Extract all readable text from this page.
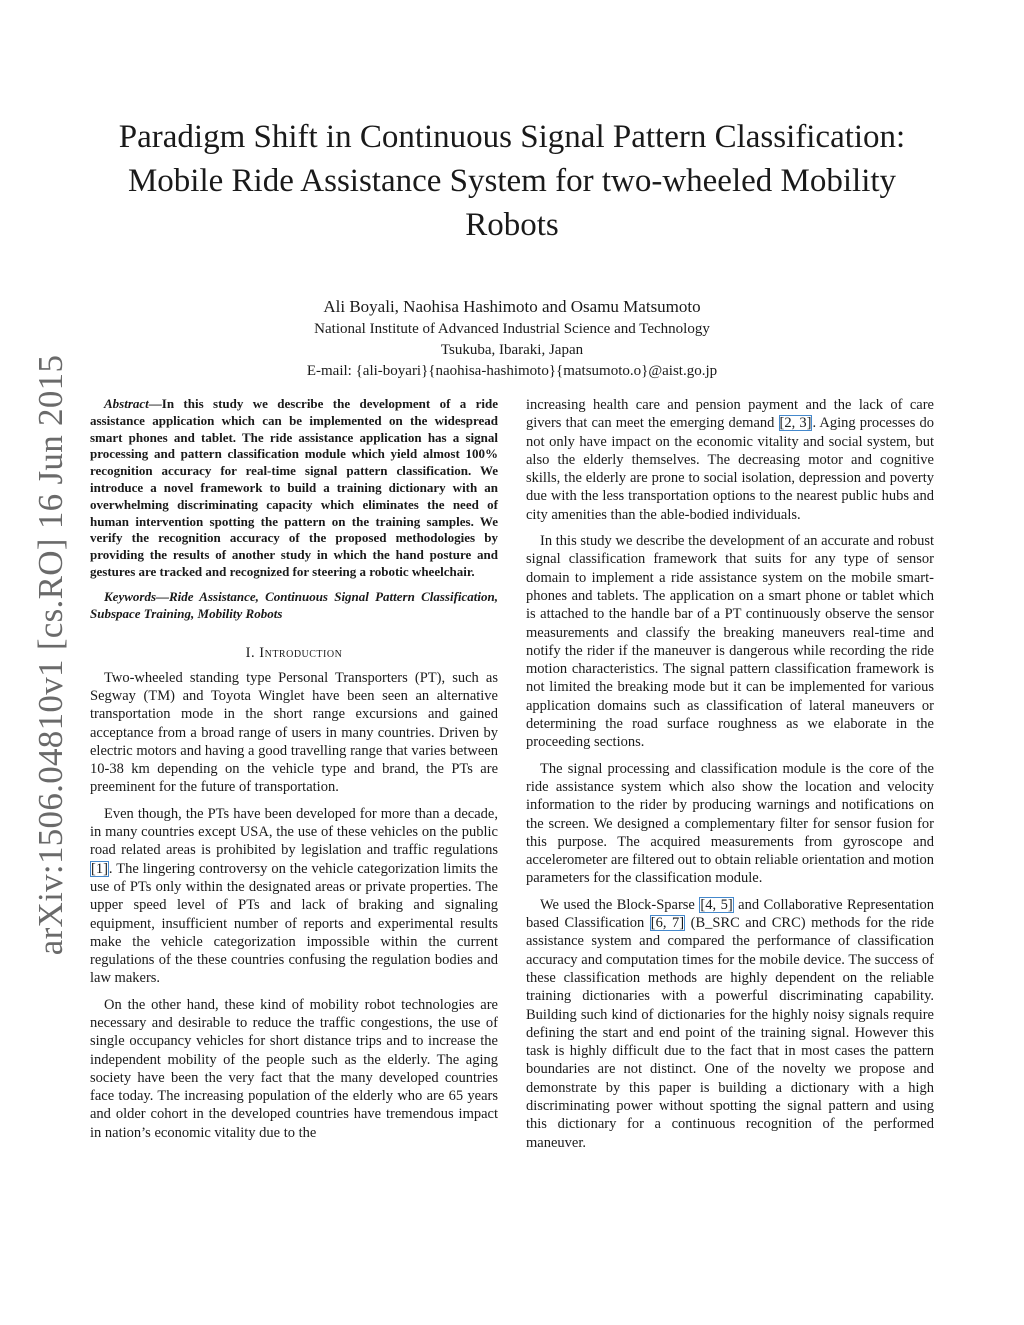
arXiv:1506.04810v1 [cs.RO] 16 Jun 2015
Paradigm Shift in Continuous Signal Pattern Classification:
Mobile Ride Assistance System for two-wheeled Mobility
Robots
Ali Boyali, Naohisa Hashimoto and Osamu Matsumoto
National Institute of Advanced Industrial Science and Technology
Tsukuba, Ibaraki, Japan
E-mail: {ali-boyari}{naohisa-hashimoto}{matsumoto.o}@aist.go.jp

Abstract—In this study we describe the development of a ride assistance application which can be implemented on the widespread smart phones and tablet. The ride assistance application has a signal processing and pattern classification module which yield almost 100% recognition accuracy for real-time signal pattern classification. We introduce a novel framework to build a training dictionary with an overwhelming discriminating capacity which eliminates the need of human intervention spotting the pattern on the training samples. We verify the recognition accuracy of the proposed methodologies by providing the results of another study in which the hand posture and gestures are tracked and recognized for steering a robotic wheelchair.

Keywords—Ride Assistance, Continuous Signal Pattern Classification, Subspace Training, Mobility Robots

I. Introduction

Two-wheeled standing type Personal Transporters (PT), such as Segway (TM) and Toyota Winglet have been seen an alternative transportation mode in the short range excursions and gained acceptance from a broad range of users in many countries. Driven by electric motors and having a good travelling range that varies between 10-38 km depending on the vehicle type and brand, the PTs are preeminent for the future of transportation.

Even though, the PTs have been developed for more than a decade, in many countries except USA, the use of these vehicles on the public road related areas is prohibited by legislation and traffic regulations [1]. The lingering controversy on the vehicle categorization limits the use of PTs only within the designated areas or private properties. The upper speed level of PTs and lack of braking and signaling equipment, insufficient number of reports and experimental results make the vehicle categorization impossible within the current regulations of the these countries confusing the regulation bodies and law makers.

On the other hand, these kind of mobility robot technologies are necessary and desirable to reduce the traffic congestions, the use of single occupancy vehicles for short distance trips and to increase the independent mobility of the people such as the elderly. The aging society have been the very fact that the many developed countries face today. The increasing population of the elderly who are 65 years and older cohort in the developed countries have tremendous impact in nation’s economic vitality due to the

increasing health care and pension payment and the lack of care givers that can meet the emerging demand [2, 3]. Aging processes do not only have impact on the economic vitality and social system, but also the elderly themselves. The decreasing motor and cognitive skills, the elderly are prone to social isolation, depression and poverty due with the less transportation options to the nearest public hubs and city amenities than the able-bodied individuals.

In this study we describe the development of an accurate and robust signal classification framework that suits for any type of sensor domain to implement a ride assistance system on the mobile smart-phones and tablets. The application on a smart phone or tablet which is attached to the handle bar of a PT continuously observe the sensor measurements and classify the breaking maneuvers real-time and notify the rider if the maneuver is dangerous while recording the ride motion characteristics. The signal pattern classification framework is not limited the breaking mode but it can be implemented for various application domains such as classification of lateral maneuvers or determining the road surface roughness as we elaborate in the proceeding sections.

The signal processing and classification module is the core of the ride assistance system which also show the location and velocity information to the rider by producing warnings and notifications on the screen. We designed a complementary filter for sensor fusion for this purpose. The acquired measurements from gyroscope and accelerometer are filtered out to obtain reliable orientation and motion parameters for the classification module.

We used the Block-Sparse [4, 5] and Collaborative Representation based Classification [6, 7] (B_SRC and CRC) methods for the ride assistance system and compared the performance of classification accuracy and computation times for the mobile device. The success of these classification methods are highly dependent on the reliable training dictionaries with a powerful discriminating capability. Building such kind of dictionaries for the highly noisy signals require defining the start and end point of the training signal. However this task is highly difficult due to the fact that in most cases the pattern boundaries are not distinct. One of the novelty we propose and demonstrate by this paper is building a dictionary with a high discriminating power without spotting the signal pattern and using this dictionary for a continuous recognition of the performed maneuver.
